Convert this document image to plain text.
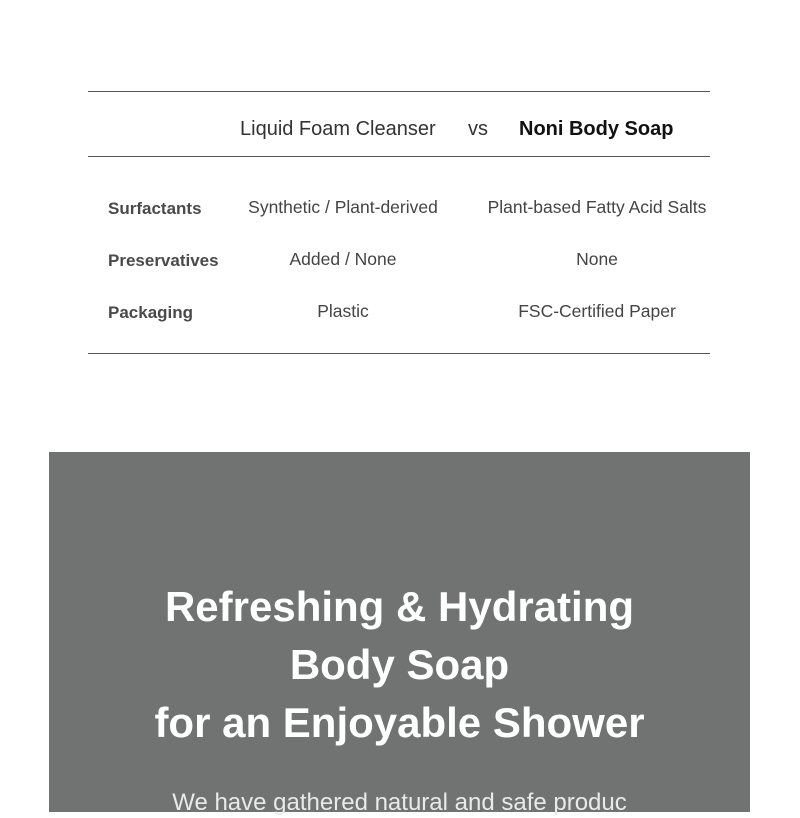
Liquid Foam Cleanser vs Noni Body Soap
Surfactants	Synthetic / Plant-derived	Plant-based Fatty Acid Salts
Preservatives	Added / None	None
Packaging	Plastic	FSC-Certified Paper
Refreshing & Hydrating
Body Soap
for an Enjoyable Shower
We have gathered natural and safe produc
